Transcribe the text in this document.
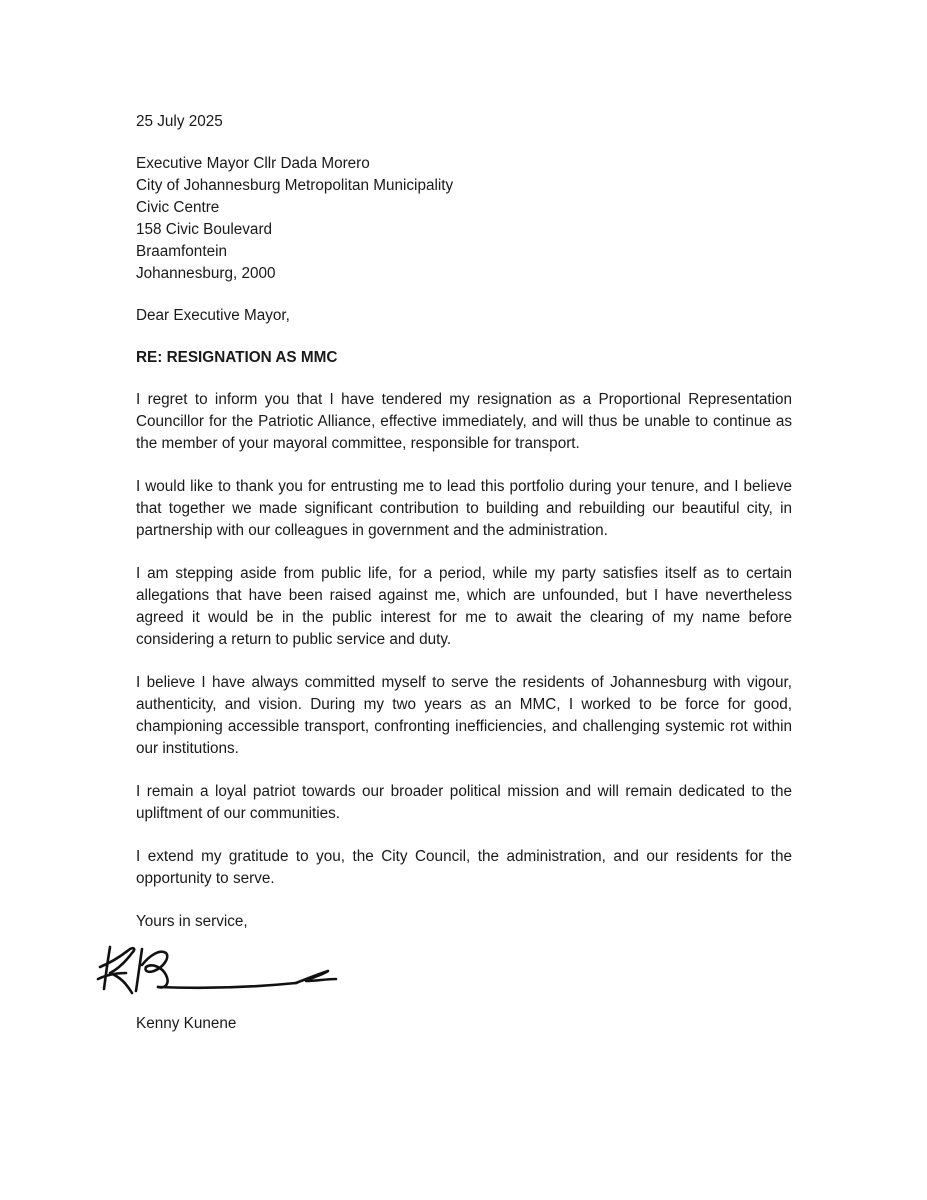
25 July 2025
Executive Mayor Cllr Dada Morero
City of Johannesburg Metropolitan Municipality
Civic Centre
158 Civic Boulevard
Braamfontein
Johannesburg, 2000
Dear Executive Mayor,
RE: RESIGNATION AS MMC

I regret to inform you that I have tendered my resignation as a Proportional Representation Councillor for the Patriotic Alliance, effective immediately, and will thus be unable to continue as the member of your mayoral committee, responsible for transport.

I would like to thank you for entrusting me to lead this portfolio during your tenure, and I believe that together we made significant contribution to building and rebuilding our beautiful city, in partnership with our colleagues in government and the administration.

I am stepping aside from public life, for a period, while my party satisfies itself as to certain allegations that have been raised against me, which are unfounded, but I have nevertheless agreed it would be in the public interest for me to await the clearing of my name before considering a return to public service and duty.

I believe I have always committed myself to serve the residents of Johannesburg with vigour, authenticity, and vision. During my two years as an MMC, I worked to be force for good, championing accessible transport, confronting inefficiencies, and challenging systemic rot within our institutions.

I remain a loyal patriot towards our broader political mission and will remain dedicated to the upliftment of our communities.

I extend my gratitude to you, the City Council, the administration, and our residents for the opportunity to serve.

Yours in service,
Kenny Kunene
